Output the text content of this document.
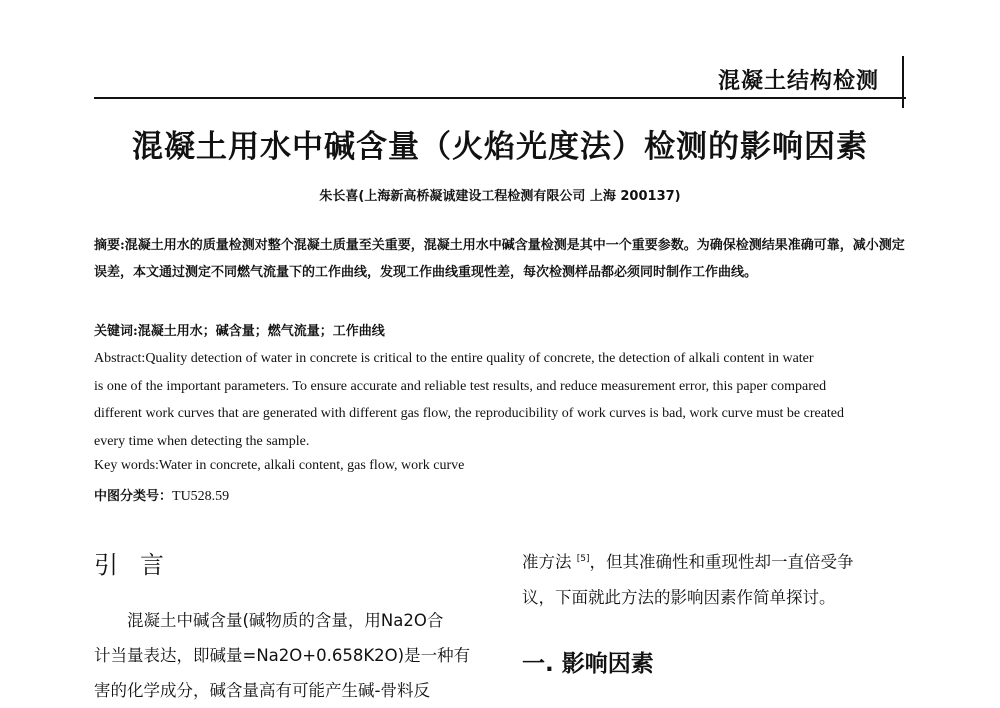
混凝土结构检测
混凝土用水中碱含量（火焰光度法）检测的影响因素
朱长喜(上海新高桥凝诚建设工程检测有限公司 上海 200137)
摘要:混凝土用水的质量检测对整个混凝土质量至关重要，混凝土用水中碱含量检测是其中一个重要参数。为确保检测结果准确可靠，减小测定误差，本文通过测定不同燃气流量下的工作曲线，发现工作曲线重现性差，每次检测样品都必须同时制作工作曲线。
关键词:混凝土用水；碱含量；燃气流量；工作曲线
Abstract:Quality detection of water in concrete is critical to the entire quality of concrete, the detection of alkali content in water
is one of the important parameters. To ensure accurate and reliable test results, and reduce measurement error, this paper compared
different work curves that are generated with different gas flow, the reproducibility of work curves is bad, work curve must be created
every time when detecting the sample.
Key words:Water in concrete, alkali content, gas flow, work curve
中图分类号：TU528.59
引言
混凝土中碱含量(碱物质的含量，用Na2O合
计当量表达，即碱量=Na2O+0.658K2O)是一种有
害的化学成分，碱含量高有可能产生碱-骨料反
准方法 [5]，但其准确性和重现性却一直倍受争
议，下面就此方法的影响因素作简单探讨。
一. 影响因素
